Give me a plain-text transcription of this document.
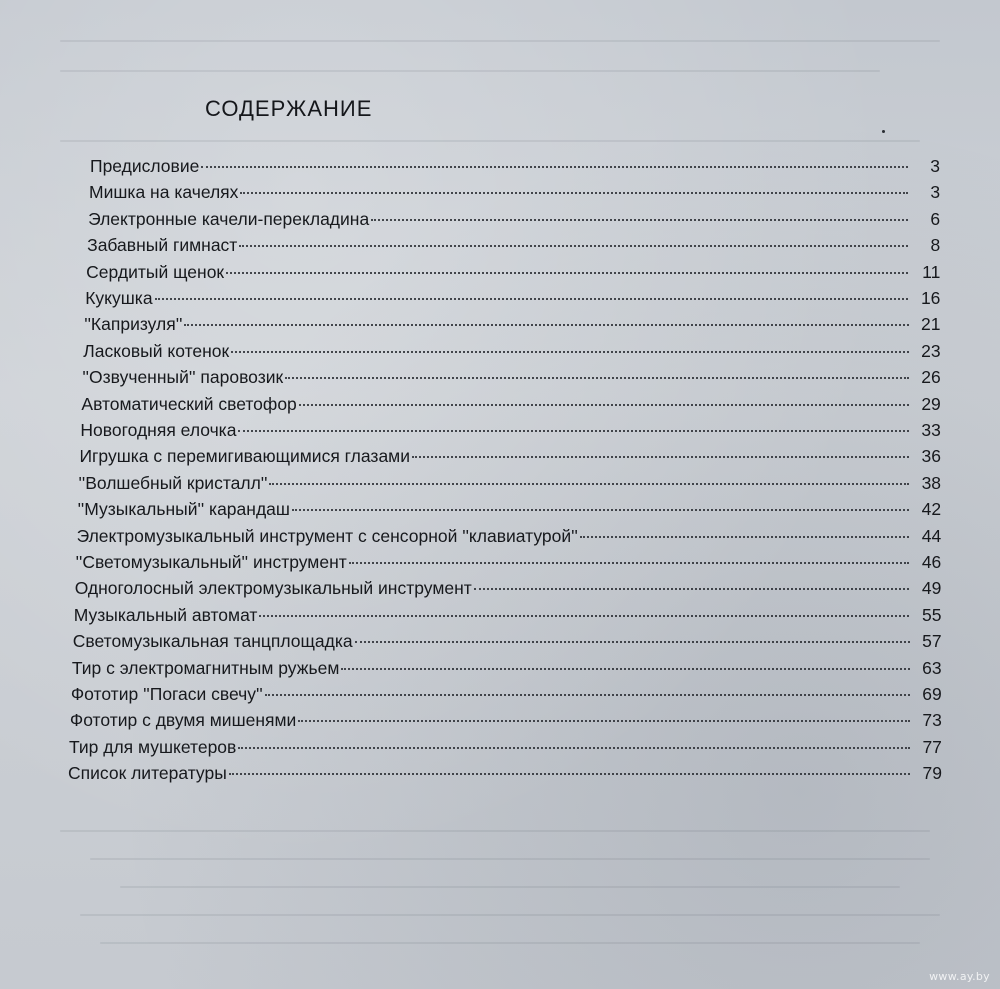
СОДЕРЖАНИЕ
Предисловие	3
Мишка на качелях	3
Электронные качели-перекладина	6
Забавный гимнаст	8
Сердитый щенок	11
Кукушка	16
''Капризуля''	21
Ласковый котенок	23
''Озвученный'' паровозик	26
Автоматический светофор	29
Новогодняя елочка	33
Игрушка с перемигивающимися глазами	36
''Волшебный кристалл''	38
''Музыкальный'' карандаш	42
Электромузыкальный инструмент с сенсорной ''клавиатурой''	44
''Светомузыкальный'' инструмент	46
Одноголосный электромузыкальный инструмент	49
Музыкальный автомат	55
Светомузыкальная танцплощадка	57
Тир с электромагнитным ружьем	63
Фототир ''Погаси свечу''	69
Фототир с двумя мишенями	73
Тир для мушкетеров	77
Список литературы	79
www.ay.by
